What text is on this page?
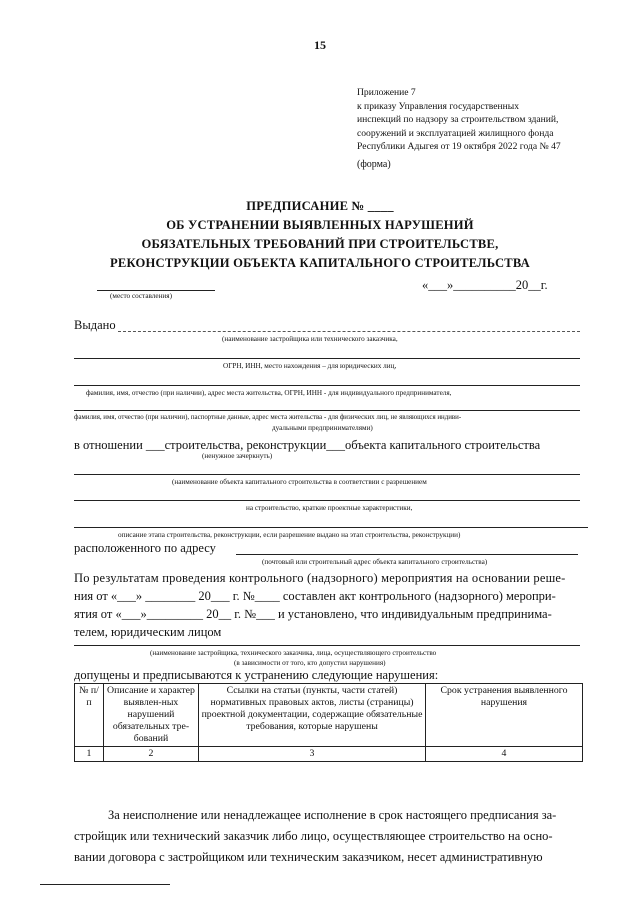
15
Приложение 7
к приказу Управления государственных
инспекций по надзору за строительством зданий,
сооружений и эксплуатацией жилищного фонда
Республики Адыгея от 19 октября 2022 года № 47
(форма)
ПРЕДПИСАНИЕ № ____
ОБ УСТРАНЕНИИ ВЫЯВЛЕННЫХ НАРУШЕНИЙ
ОБЯЗАТЕЛЬНЫХ ТРЕБОВАНИЙ ПРИ СТРОИТЕЛЬСТВЕ,
РЕКОНСТРУКЦИИ ОБЪЕКТА КАПИТАЛЬНОГО СТРОИТЕЛЬСТВА
(место составления)
«___»__________20__г.
Выдано
(наименование застройщика или технического заказчика,
ОГРН, ИНН, место нахождения – для юридических лиц,
фамилия, имя, отчество (при наличии), адрес места жительства, ОГРН, ИНН - для индивидуального предпринимателя,
фамилия, имя, отчество (при наличии), паспортные данные, адрес места жительства - для физических лиц, не являющихся индиви-
дуальными предпринимателями)
в отношении ___строительства, реконструкции___объекта капитального строительства
(ненужное зачеркнуть)
(наименование объекта капитального строительства в соответствии с разрешением
на строительство, краткие проектные характеристики,
описание этапа строительства, реконструкции, если разрешение выдано на этап строительства, реконструкции)
расположенного по адресу
(почтовый или строительный адрес объекта капитального строительства)
По результатам проведения контрольного (надзорного) мероприятия на основании реше-
ния от «___» ________ 20___ г. №____ составлен акт контрольного (надзорного) меропри-
ятия от «___»_________ 20__ г. №___ и установлено, что индивидуальным предпринима-
телем, юридическим лицом
(наименование застройщика, технического заказчика, лица, осуществляющего строительство
(в зависимости от того, кто допустил нарушения)
допущены и предписываются к устранению следующие нарушения:
№ п/п	Описание и характер выявлен-ных нарушений обязательных тре-бований	Ссылки на статьи (пункты, части статей) нормативных правовых актов, листы (страницы) проектной документации, содержащие обязательные требования, которые нарушены	Срок устранения выявленного нарушения
1	2	3	4
За неисполнение или ненадлежащее исполнение в срок настоящего предписания за-
стройщик или технический заказчик либо лицо, осуществляющее строительство на осно-
вании договора с застройщиком или техническим заказчиком, несет административную
